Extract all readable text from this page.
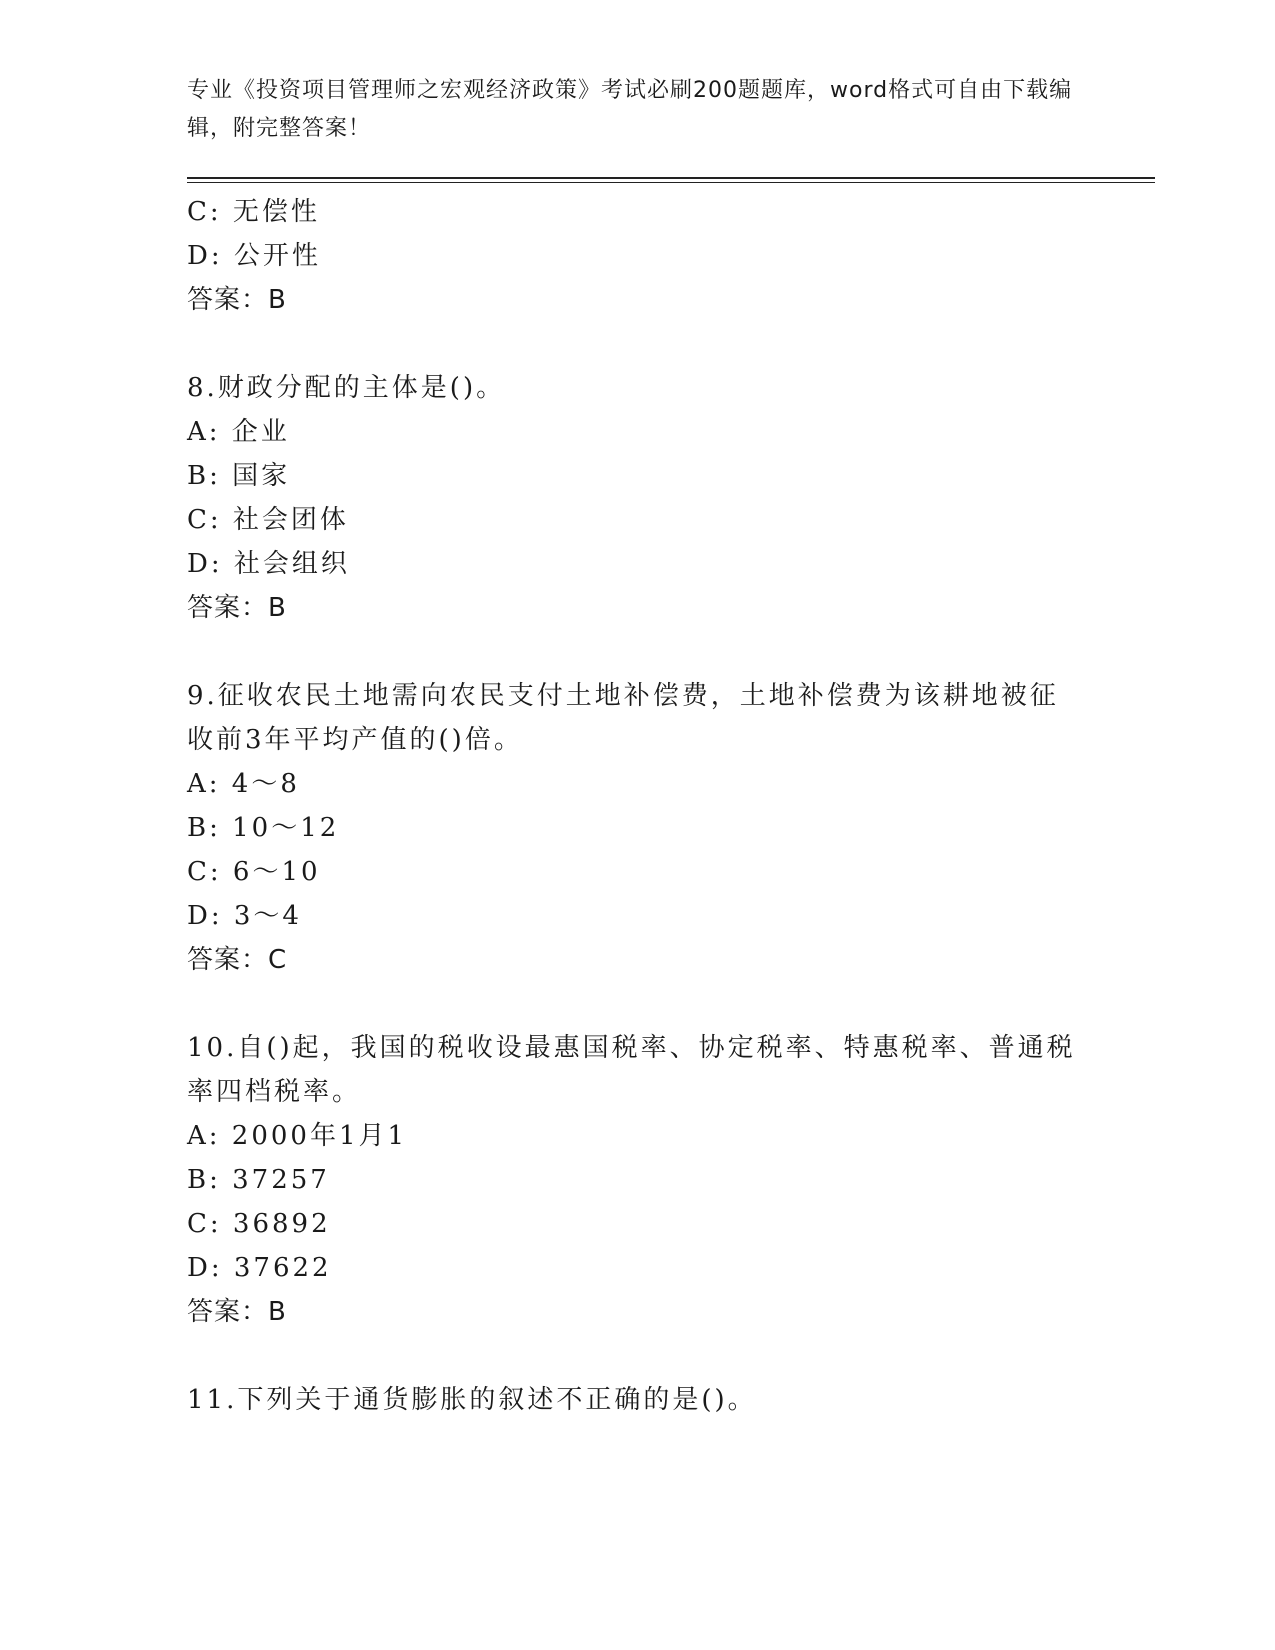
专业《投资项目管理师之宏观经济政策》考试必刷200题题库，word格式可自由下载编辑，附完整答案！
C: 无偿性
D: 公开性
答案：B
8.财政分配的主体是()。
A: 企业
B: 国家
C: 社会团体
D: 社会组织
答案：B
9.征收农民土地需向农民支付土地补偿费，土地补偿费为该耕地被征
收前3年平均产值的()倍。
A: 4～8
B: 10～12
C: 6～10
D: 3～4
答案：C
10.自()起，我国的税收设最惠国税率、协定税率、特惠税率、普通税
率四档税率。
A: 2000年1月1
B: 37257
C: 36892
D: 37622
答案：B
11.下列关于通货膨胀的叙述不正确的是()。
